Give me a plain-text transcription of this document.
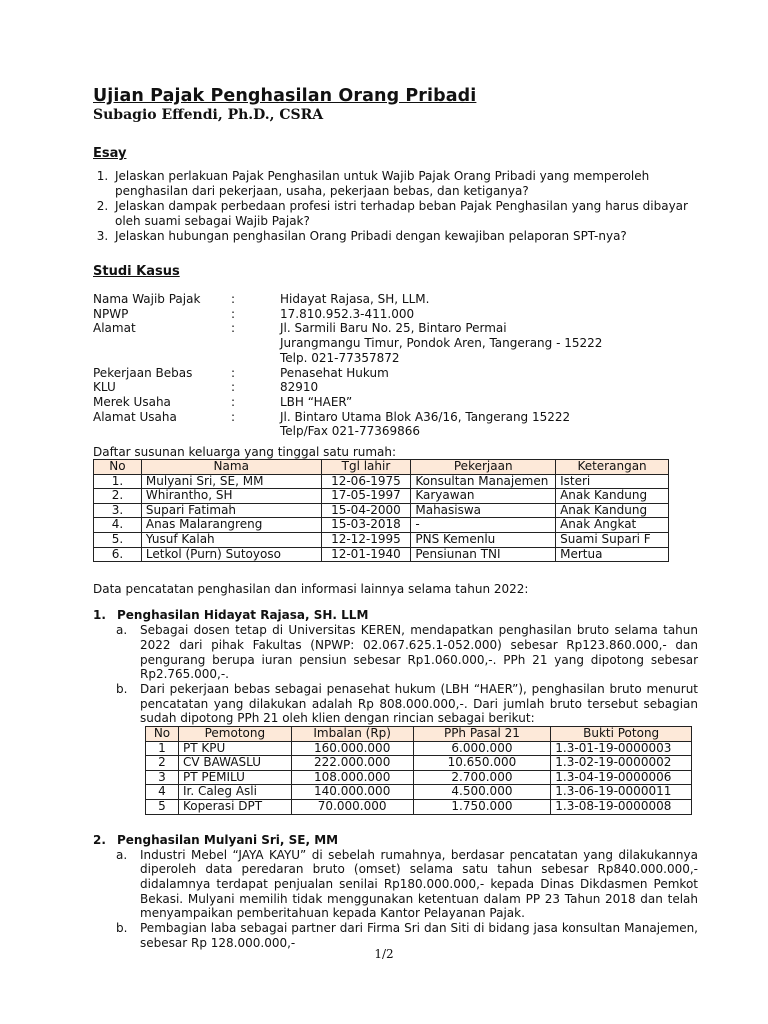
Ujian Pajak Penghasilan Orang Pribadi

Subagio Effendi, Ph.D., CSRA

Esay
1. Jelaskan perlakuan Pajak Penghasilan untuk Wajib Pajak Orang Pribadi yang memperoleh penghasilan dari pekerjaan, usaha, pekerjaan bebas, dan ketiganya?
2. Jelaskan dampak perbedaan profesi istri terhadap beban Pajak Penghasilan yang harus dibayar oleh suami sebagai Wajib Pajak?
3. Jelaskan hubungan penghasilan Orang Pribadi dengan kewajiban pelaporan SPT-nya?
Studi Kasus
Nama Wajib Pajak	:	Hidayat Rajasa, SH, LLM.
NPWP	:	17.810.952.3-411.000
Alamat	:	Jl. Sarmili Baru No. 25, Bintaro Permai
Jurangmangu Timur, Pondok Aren, Tangerang - 15222
Telp. 021-77357872
Pekerjaan Bebas	:	Penasehat Hukum
KLU	:	82910
Merek Usaha	:	LBH “HAER”
Alamat Usaha	:	Jl. Bintaro Utama Blok A36/16, Tangerang 15222
Telp/Fax 021-77369866
Daftar susunan keluarga yang tinggal satu rumah:
No	Nama	Tgl lahir	Pekerjaan	Keterangan
1.	Mulyani Sri, SE, MM	12-06-1975	Konsultan Manajemen	Isteri
2.	Whirantho, SH	17-05-1997	Karyawan	Anak Kandung
3.	Supari Fatimah	15-04-2000	Mahasiswa	Anak Kandung
4.	Anas Malarangreng	15-03-2018	-	Anak Angkat
5.	Yusuf Kalah	12-12-1995	PNS Kemenlu	Suami Supari F
6.	Letkol (Purn) Sutoyoso	12-01-1940	Pensiunan TNI	Mertua
Data pencatatan penghasilan dan informasi lainnya selama tahun 2022:
1. Penghasilan Hidayat Rajasa, SH. LLM
a.	Sebagai dosen tetap di Universitas KEREN, mendapatkan penghasilan bruto selama tahun 2022 dari pihak Fakultas (NPWP: 02.067.625.1-052.000) sebesar Rp123.860.000,- dan pengurang berupa iuran pensiun sebesar Rp1.060.000,-. PPh 21 yang dipotong sebesar Rp2.765.000,-.
b.	Dari pekerjaan bebas sebagai penasehat hukum (LBH “HAER”), penghasilan bruto menurut pencatatan yang dilakukan adalah Rp 808.000.000,-. Dari jumlah bruto tersebut sebagian sudah dipotong PPh 21 oleh klien dengan rincian sebagai berikut:
No	Pemotong	Imbalan (Rp)	PPh Pasal 21	Bukti Potong
1	PT KPU	160.000.000	6.000.000	1.3-01-19-0000003
2	CV BAWASLU	222.000.000	10.650.000	1.3-02-19-0000002
3	PT PEMILU	108.000.000	2.700.000	1.3-04-19-0000006
4	Ir. Caleg Asli	140.000.000	4.500.000	1.3-06-19-0000011
5	Koperasi DPT	70.000.000	1.750.000	1.3-08-19-0000008
2. Penghasilan Mulyani Sri, SE, MM
a.	Industri Mebel “JAYA KAYU” di sebelah rumahnya, berdasar pencatatan yang dilakukannya diperoleh data peredaran bruto (omset) selama satu tahun sebesar Rp840.000.000,- didalamnya terdapat penjualan senilai Rp180.000.000,- kepada Dinas Dikdasmen Pemkot Bekasi. Mulyani memilih tidak menggunakan ketentuan dalam PP 23 Tahun 2018 dan telah menyampaikan pemberitahuan kepada Kantor Pelayanan Pajak.
b.	Pembagian laba sebagai partner dari Firma Sri dan Siti di bidang jasa konsultan Manajemen, sebesar Rp 128.000.000,-
1/2
